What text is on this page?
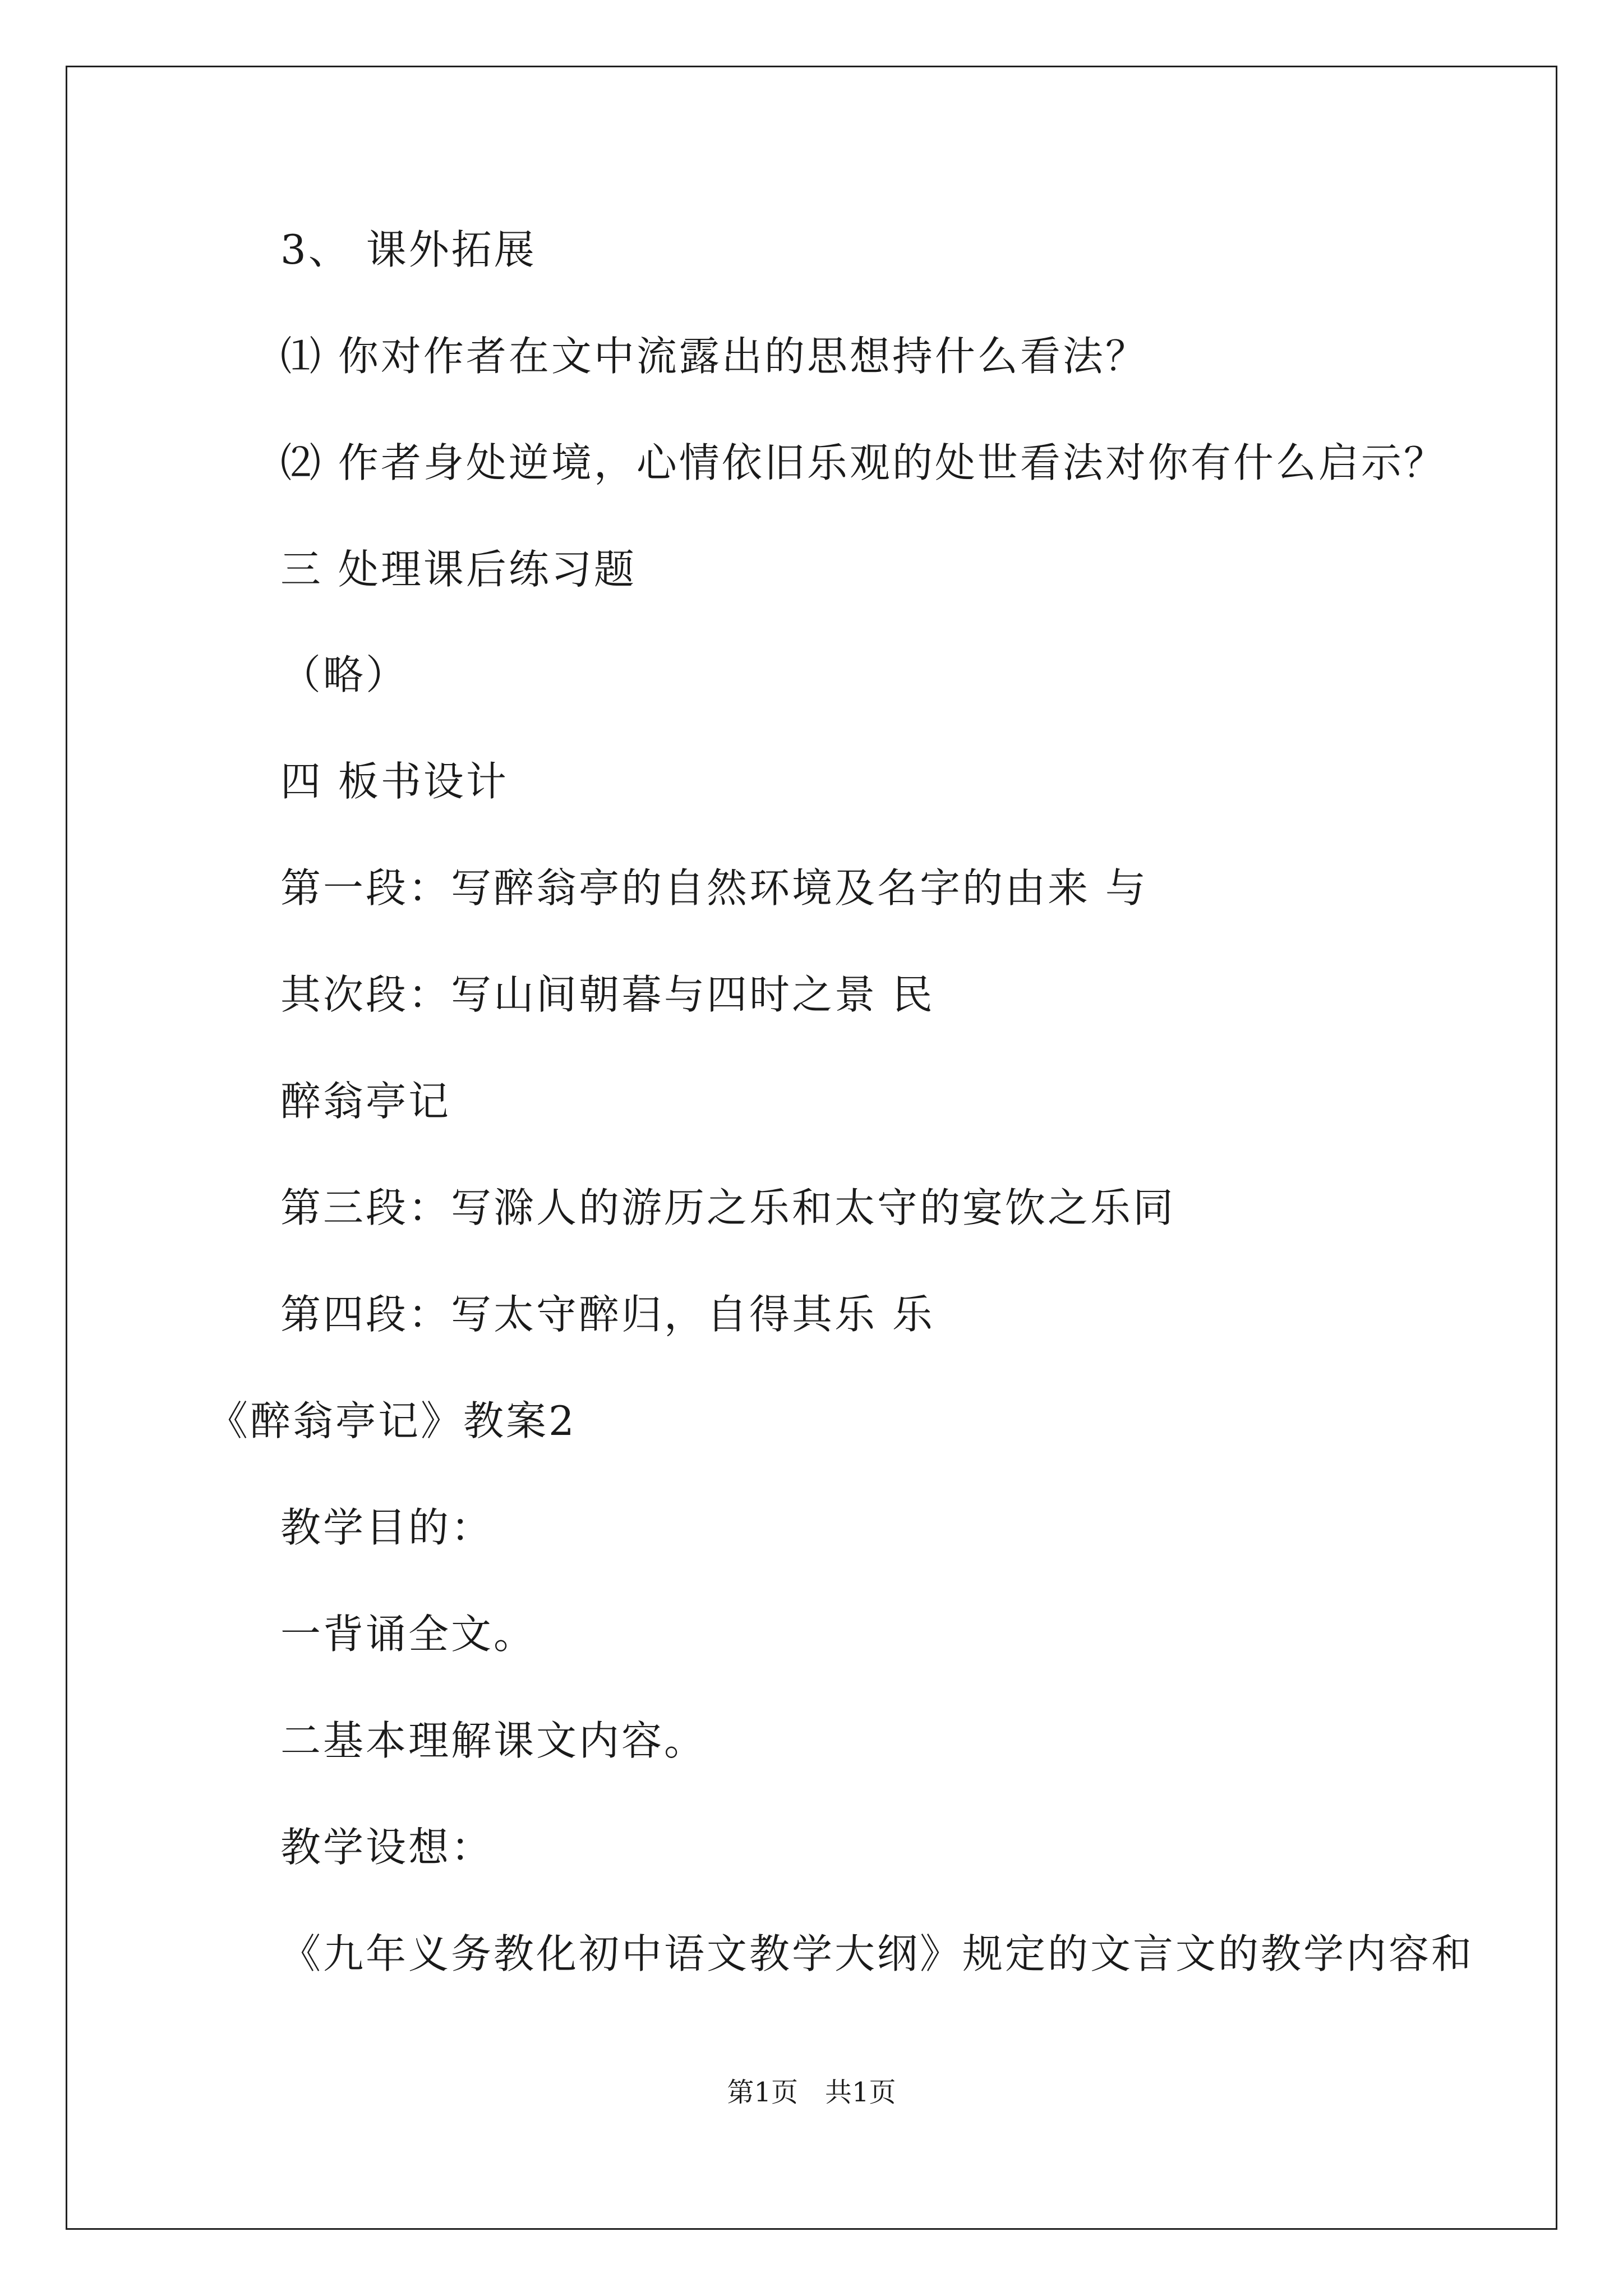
3、 课外拓展
⑴ 你对作者在文中流露出的思想持什么看法？
⑵ 作者身处逆境，心情依旧乐观的处世看法对你有什么启示？
三 处理课后练习题
（略）
四 板书设计
第一段：写醉翁亭的自然环境及名字的由来 与
其次段：写山间朝暮与四时之景 民
醉翁亭记
第三段：写滁人的游历之乐和太守的宴饮之乐同
第四段：写太守醉归，自得其乐 乐
《醉翁亭记》教案2
教学目的：
一背诵全文。
二基本理解课文内容。
教学设想：
《九年义务教化初中语文教学大纲》规定的文言文的教学内容和
第1页　共1页
